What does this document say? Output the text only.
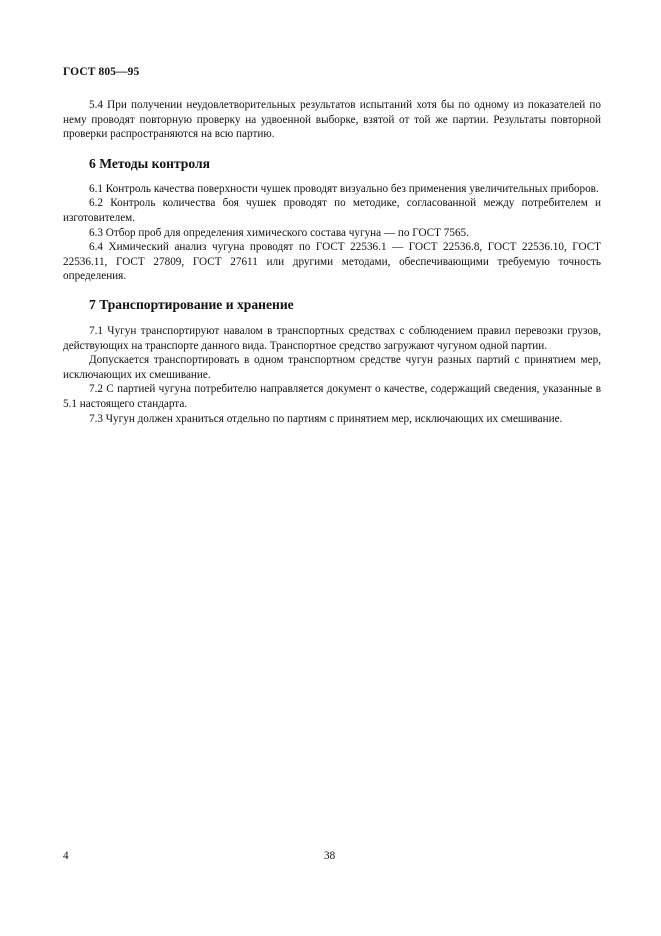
ГОСТ 805—95

5.4 При получении неудовлетворительных результатов испытаний хотя бы по одному из показателей по нему проводят повторную проверку на удвоенной выборке, взятой от той же партии. Результаты повторной проверки распространяются на всю партию.

6 Методы контроля

6.1 Контроль качества поверхности чушек проводят визуально без применения увеличительных приборов.

6.2 Контроль количества боя чушек проводят по методике, согласованной между потребителем и изготовителем.

6.3 Отбор проб для определения химического состава чугуна — по ГОСТ 7565.

6.4 Химический анализ чугуна проводят по ГОСТ 22536.1 — ГОСТ 22536.8, ГОСТ 22536.10, ГОСТ 22536.11, ГОСТ 27809, ГОСТ 27611 или другими методами, обеспечивающими требуемую точность определения.

7 Транспортирование и хранение

7.1 Чугун транспортируют навалом в транспортных средствах с соблюдением правил перевозки грузов, действующих на транспорте данного вида. Транспортное средство загружают чугуном одной партии.

Допускается транспортировать в одном транспортном средстве чугун разных партий с принятием мер, исключающих их смешивание.

7.2 С партией чугуна потребителю направляется документ о качестве, содержащий сведения, указанные в 5.1 настоящего стандарта.

7.3 Чугун должен храниться отдельно по партиям с принятием мер, исключающих их смешивание.

4	38
